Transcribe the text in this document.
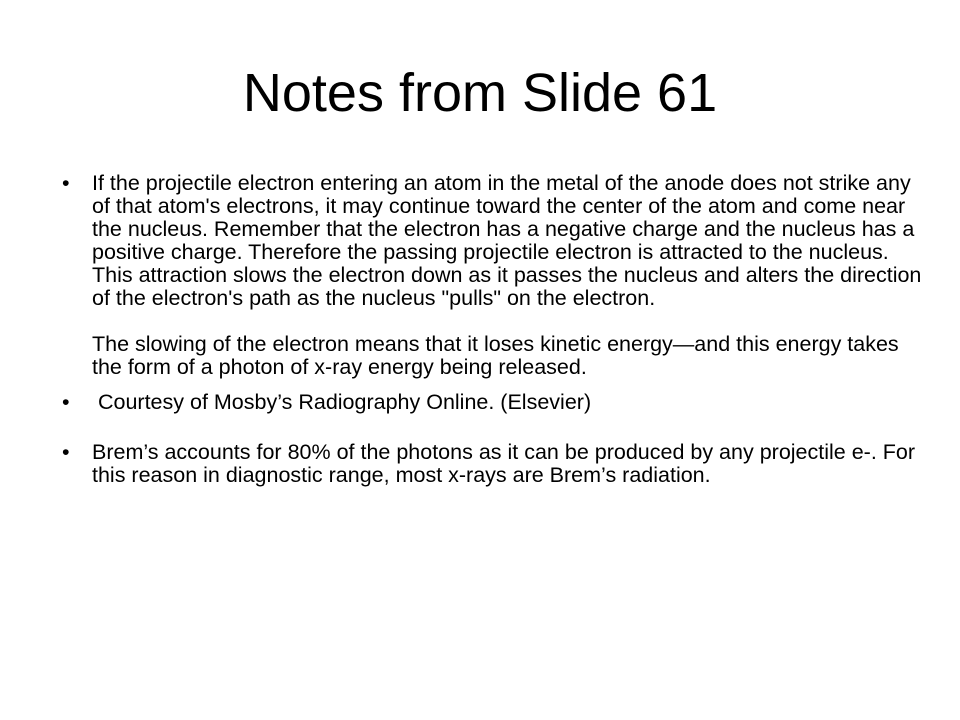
Notes from Slide 61
• If the projectile electron entering an atom in the metal of the anode does not strike any of that atom's electrons, it may continue toward the center of the atom and come near the nucleus. Remember that the electron has a negative charge and the nucleus has a positive charge. Therefore the passing projectile electron is attracted to the nucleus. This attraction slows the electron down as it passes the nucleus and alters the direction of the electron's path as the nucleus "pulls" on the electron.

The slowing of the electron means that it loses kinetic energy—and this energy takes the form of a photon of x-ray energy being released.

• Courtesy of Mosby’s Radiography Online. (Elsevier)

• Brem’s accounts for 80% of the photons as it can be produced by any projectile e-. For this reason in diagnostic range, most x-rays are Brem’s radiation.
